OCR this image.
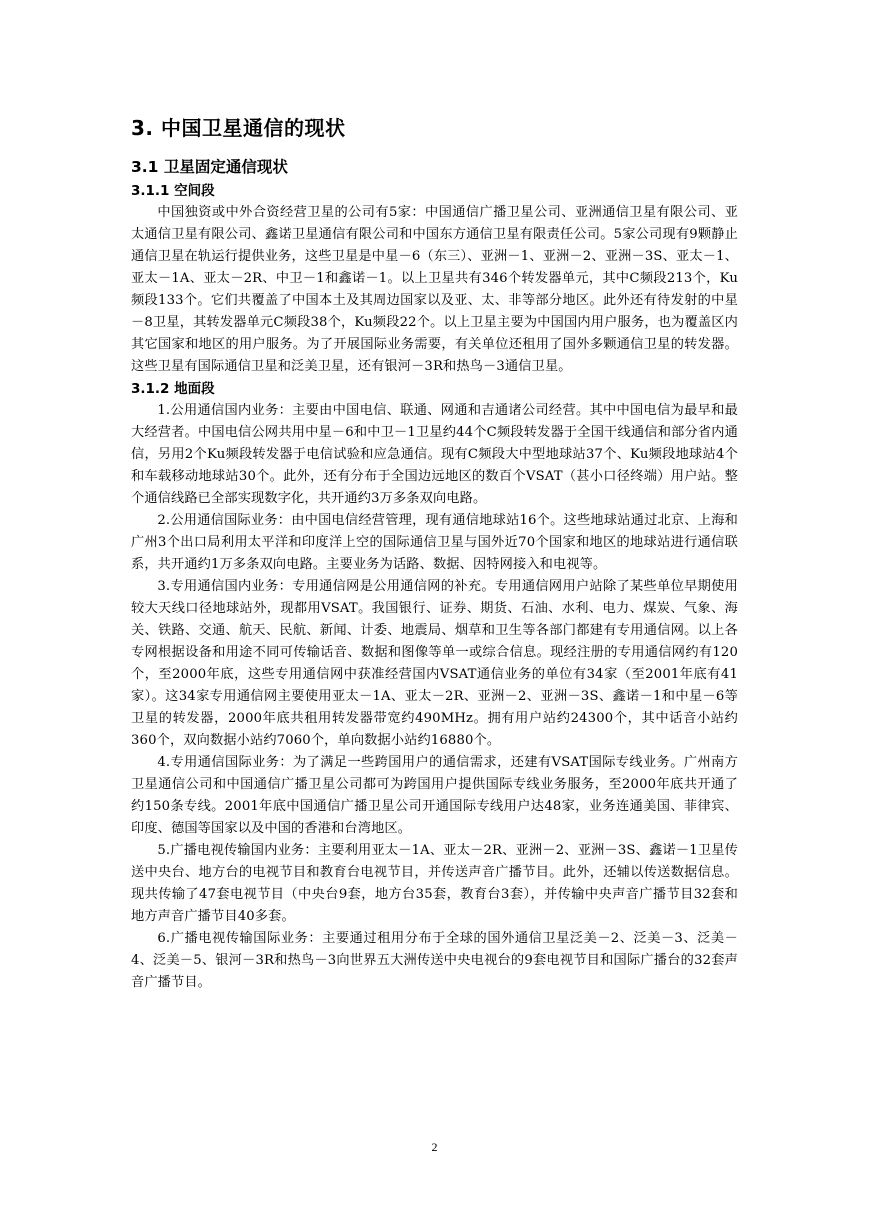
3. 中国卫星通信的现状
3.1 卫星固定通信现状
3.1.1 空间段

中国独资或中外合资经营卫星的公司有5家：中国通信广播卫星公司、亚洲通信卫星有限公司、亚太通信卫星有限公司、鑫诺卫星通信有限公司和中国东方通信卫星有限责任公司。5家公司现有9颗静止通信卫星在轨运行提供业务，这些卫星是中星－6（东三）、亚洲－1、亚洲－2、亚洲－3S、亚太－1、亚太－1A、亚太－2R、中卫－1和鑫诺－1。以上卫星共有346个转发器单元，其中C频段213个，Ku频段133个。它们共覆盖了中国本土及其周边国家以及亚、太、非等部分地区。此外还有待发射的中星－8卫星，其转发器单元C频段38个，Ku频段22个。以上卫星主要为中国国内用户服务，也为覆盖区内其它国家和地区的用户服务。为了开展国际业务需要，有关单位还租用了国外多颗通信卫星的转发器。这些卫星有国际通信卫星和泛美卫星，还有银河－3R和热鸟－3通信卫星。

3.1.2 地面段

1.公用通信国内业务：主要由中国电信、联通、网通和吉通诸公司经营。其中中国电信为最早和最大经营者。中国电信公网共用中星－6和中卫－1卫星约44个C频段转发器于全国干线通信和部分省内通信，另用2个Ku频段转发器于电信试验和应急通信。现有C频段大中型地球站37个、Ku频段地球站4个和车载移动地球站30个。此外，还有分布于全国边远地区的数百个VSAT（甚小口径终端）用户站。整个通信线路已全部实现数字化，共开通约3万多条双向电路。

2.公用通信国际业务：由中国电信经营管理，现有通信地球站16个。这些地球站通过北京、上海和广州3个出口局利用太平洋和印度洋上空的国际通信卫星与国外近70个国家和地区的地球站进行通信联系，共开通约1万多条双向电路。主要业务为话路、数据、因特网接入和电视等。

3.专用通信国内业务：专用通信网是公用通信网的补充。专用通信网用户站除了某些单位早期使用较大天线口径地球站外，现都用VSAT。我国银行、证券、期货、石油、水利、电力、煤炭、气象、海关、铁路、交通、航天、民航、新闻、计委、地震局、烟草和卫生等各部门都建有专用通信网。以上各专网根据设备和用途不同可传输话音、数据和图像等单一或综合信息。现经注册的专用通信网约有120个，至2000年底，这些专用通信网中获准经营国内VSAT通信业务的单位有34家（至2001年底有41家）。这34家专用通信网主要使用亚太－1A、亚太－2R、亚洲－2、亚洲－3S、鑫诺－1和中星－6等卫星的转发器，2000年底共租用转发器带宽约490MHz。拥有用户站约24300个，其中话音小站约360个，双向数据小站约7060个，单向数据小站约16880个。

4.专用通信国际业务：为了满足一些跨国用户的通信需求，还建有VSAT国际专线业务。广州南方卫星通信公司和中国通信广播卫星公司都可为跨国用户提供国际专线业务服务，至2000年底共开通了约150条专线。2001年底中国通信广播卫星公司开通国际专线用户达48家，业务连通美国、菲律宾、印度、德国等国家以及中国的香港和台湾地区。

5.广播电视传输国内业务：主要利用亚太－1A、亚太－2R、亚洲－2、亚洲－3S、鑫诺－1卫星传送中央台、地方台的电视节目和教育台电视节目，并传送声音广播节目。此外，还辅以传送数据信息。现共传输了47套电视节目（中央台9套，地方台35套，教育台3套），并传输中央声音广播节目32套和地方声音广播节目40多套。

6.广播电视传输国际业务：主要通过租用分布于全球的国外通信卫星泛美－2、泛美－3、泛美－4、泛美－5、银河－3R和热鸟－3向世界五大洲传送中央电视台的9套电视节目和国际广播台的32套声音广播节目。

2
